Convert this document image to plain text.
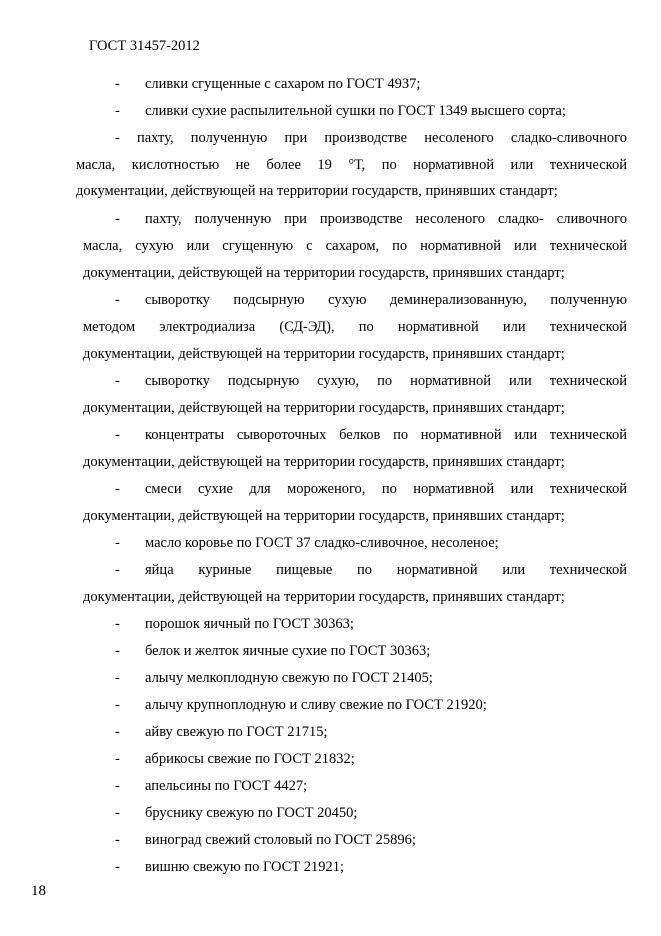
ГОСТ 31457-2012
- сливки сгущенные с сахаром по ГОСТ 4937;
- сливки сухие распылительной сушки по ГОСТ 1349 высшего сорта;
- пахту, полученную при производстве несоленого сладко-сливочного
масла, кислотностью не более 19 °Т, по нормативной или технической
документации, действующей на территории государств, принявших стандарт;
- пахту, полученную при производстве несоленого сладко- сливочного
масла, сухую или сгущенную с сахаром, по нормативной или технической
документации, действующей на территории государств, принявших стандарт;
- сыворотку подсырную сухую деминерализованную, полученную
методом электродиализа (СД-ЭД), по нормативной или технической
документации, действующей на территории государств, принявших стандарт;
- сыворотку подсырную сухую, по нормативной или технической
документации, действующей на территории государств, принявших стандарт;
- концентраты сывороточных белков по нормативной или технической
документации, действующей на территории государств, принявших стандарт;
- смеси сухие для мороженого, по нормативной или технической
документации, действующей на территории государств, принявших стандарт;
- масло коровье по ГОСТ 37 сладко-сливочное, несоленое;
- яйца куриные пищевые по нормативной или технической
документации, действующей на территории государств, принявших стандарт;
- порошок яичный по ГОСТ 30363;
- белок и желток яичные сухие по ГОСТ 30363;
- алычу мелкоплодную свежую по ГОСТ 21405;
- алычу крупноплодную и сливу свежие по ГОСТ 21920;
- айву свежую по ГОСТ 21715;
- абрикосы свежие по ГОСТ 21832;
- апельсины по ГОСТ 4427;
- бруснику свежую по ГОСТ 20450;
- виноград свежий столовый по ГОСТ 25896;
- вишню свежую по ГОСТ 21921;
18
